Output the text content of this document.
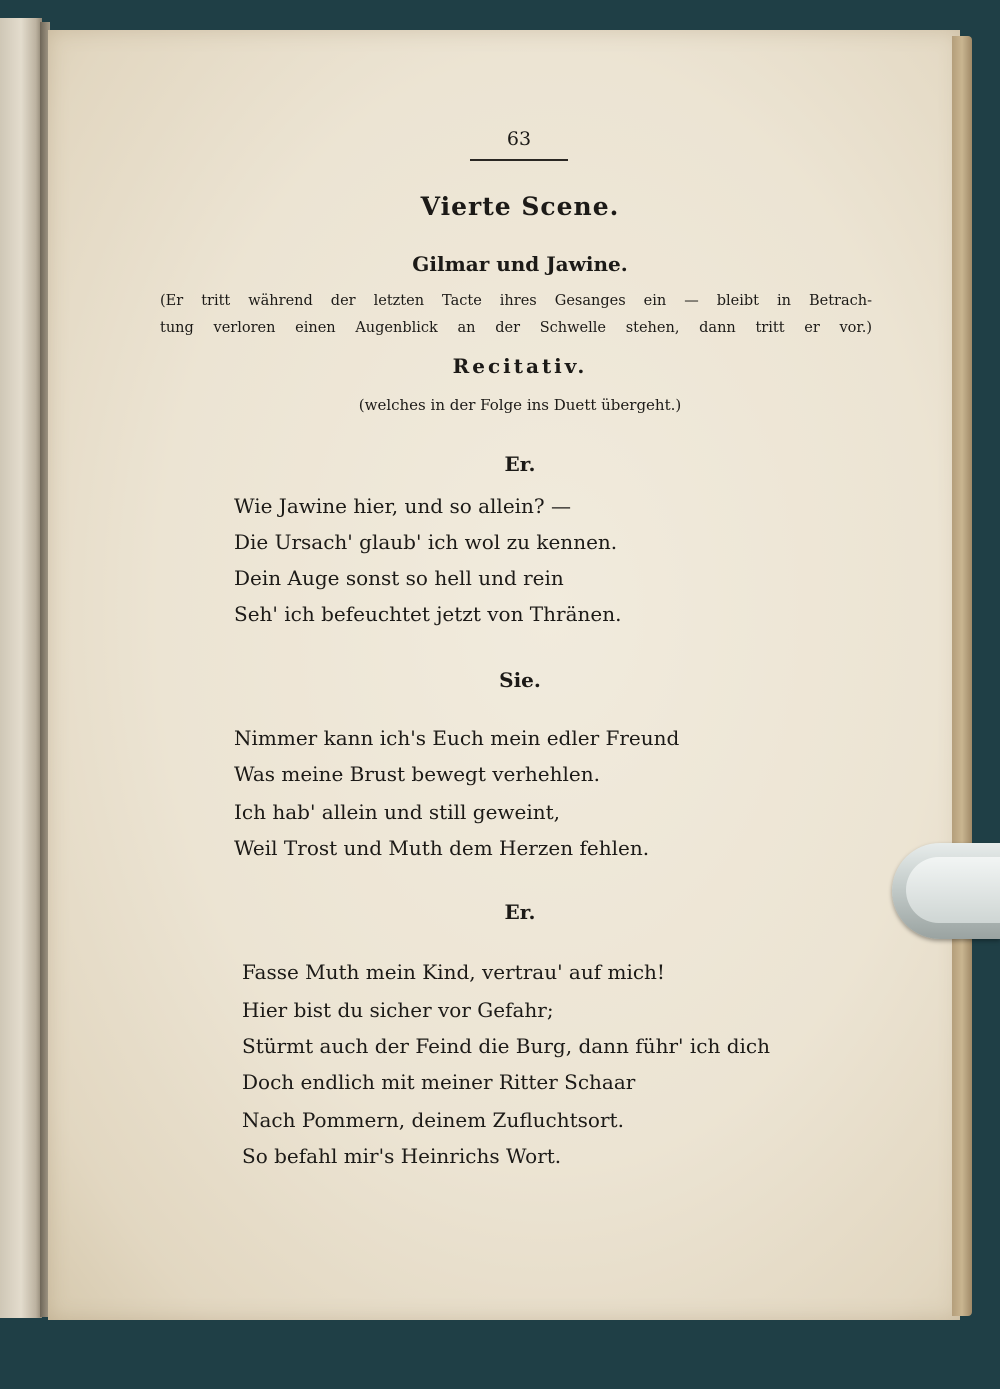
63
Vierte Scene.
Gilmar und Jawine.
(Er tritt während der letzten Tacte ihres Gesanges ein — bleibt in Betrach-
tung verloren einen Augenblick an der Schwelle stehen, dann tritt er vor.)
Recitativ.
(welches in der Folge ins Duett übergeht.)
Er.
Wie Jawine hier, und so allein? —
Die Ursach' glaub' ich wol zu kennen.
Dein Auge sonst so hell und rein
Seh' ich befeuchtet jetzt von Thränen.
Sie.
Nimmer kann ich's Euch mein edler Freund
Was meine Brust bewegt verhehlen.
Ich hab' allein und still geweint,
Weil Trost und Muth dem Herzen fehlen.
Er.
Fasse Muth mein Kind, vertrau' auf mich!
Hier bist du sicher vor Gefahr;
Stürmt auch der Feind die Burg, dann führ' ich dich
Doch endlich mit meiner Ritter Schaar
Nach Pommern, deinem Zufluchtsort.
So befahl mir's Heinrichs Wort.
